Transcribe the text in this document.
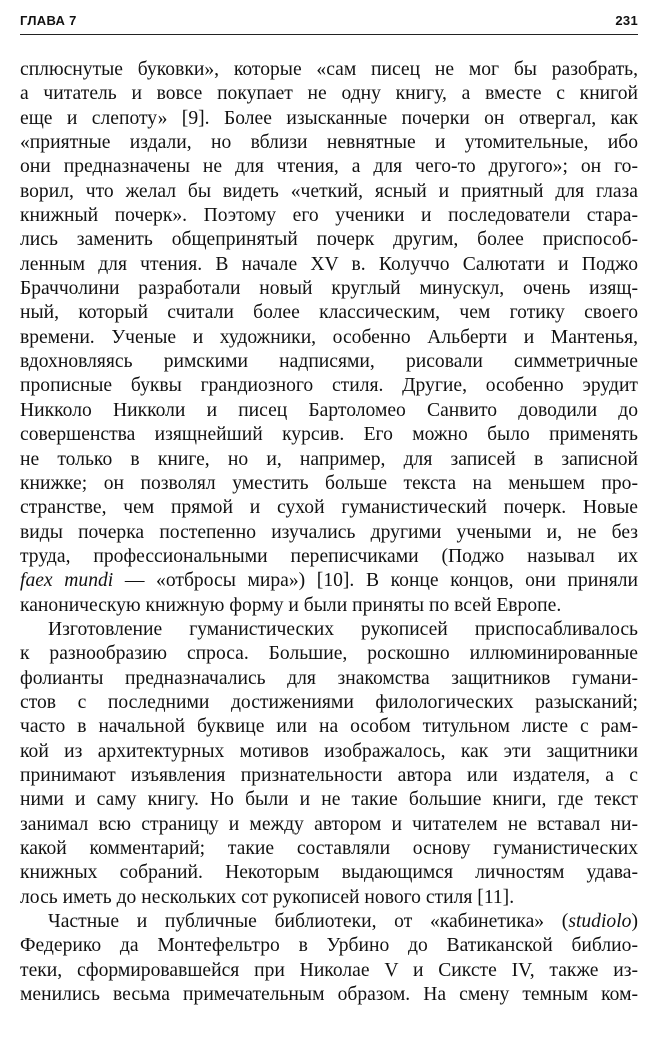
ГЛАВА 7	231
сплюснутые буковки», которые «сам писец не мог бы разобрать,
а читатель и вовсе покупает не одну книгу, а вместе с книгой
еще и слепоту» [9]. Более изысканные почерки он отвергал, как
«приятные издали, но вблизи невнятные и утомительные, ибо
они предназначены не для чтения, а для чего-то другого»; он го-
ворил, что желал бы видеть «четкий, ясный и приятный для глаза
книжный почерк». Поэтому его ученики и последователи стара-
лись заменить общепринятый почерк другим, более приспособ-
ленным для чтения. В начале XV в. Колуччо Салютати и Поджо
Браччолини разработали новый круглый минускул, очень изящ-
ный, который считали более классическим, чем готику своего
времени. Ученые и художники, особенно Альберти и Мантенья,
вдохновляясь римскими надписями, рисовали симметричные
прописные буквы грандиозного стиля. Другие, особенно эрудит
Никколо Никколи и писец Бартоломео Санвито доводили до
совершенства изящнейший курсив. Его можно было применять
не только в книге, но и, например, для записей в записной
книжке; он позволял уместить больше текста на меньшем про-
странстве, чем прямой и сухой гуманистический почерк. Новые
виды почерка постепенно изучались другими учеными и, не без
труда, профессиональными переписчиками (Поджо называл их
faex mundi — «отбросы мира») [10]. В конце концов, они приняли
каноническую книжную форму и были приняты по всей Европе.
Изготовление гуманистических рукописей приспосабливалось
к разнообразию спроса. Большие, роскошно иллюминированные
фолианты предназначались для знакомства защитников гумани-
стов с последними достижениями филологических разысканий;
часто в начальной буквице или на особом титульном листе с рам-
кой из архитектурных мотивов изображалось, как эти защитники
принимают изъявления признательности автора или издателя, а с
ними и саму книгу. Но были и не такие большие книги, где текст
занимал всю страницу и между автором и читателем не вставал ни-
какой комментарий; такие составляли основу гуманистических
книжных собраний. Некоторым выдающимся личностям удава-
лось иметь до нескольких сот рукописей нового стиля [11].
Частные и публичные библиотеки, от «кабинетика» (studiolo)
Федерико да Монтефельтро в Урбино до Ватиканской библио-
теки, сформировавшейся при Николае V и Сиксте IV, также из-
менились весьма примечательным образом. На смену темным ком-
